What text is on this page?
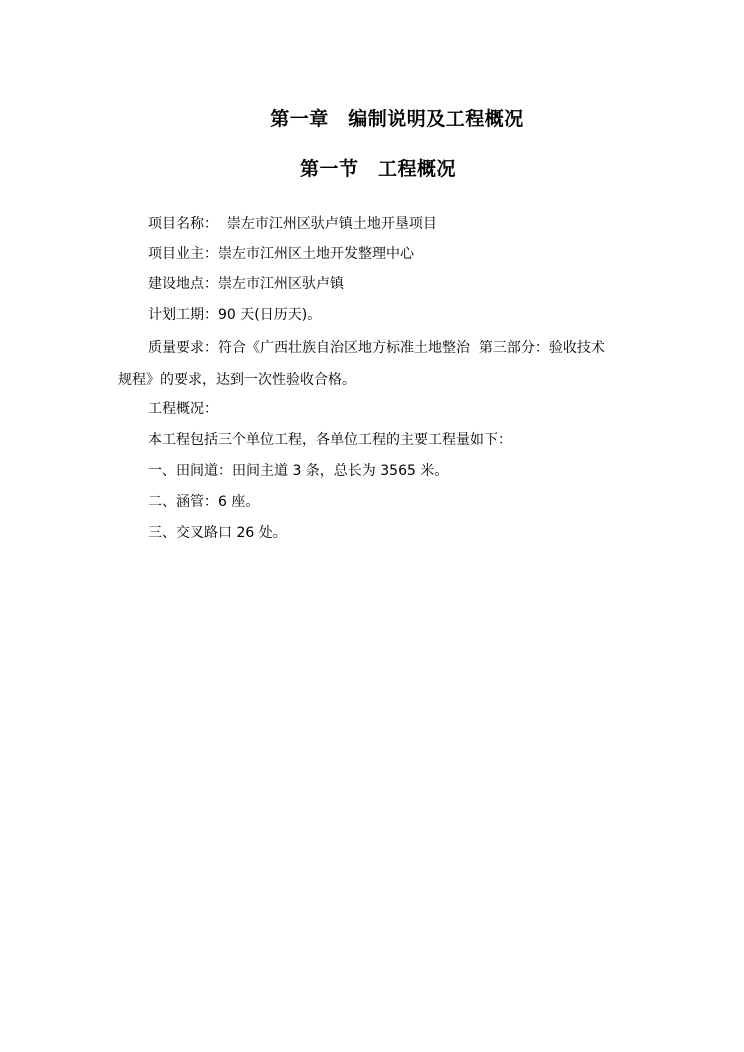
第一章　编制说明及工程概况
第一节　工程概况
项目名称：  崇左市江州区驮卢镇土地开垦项目
项目业主：崇左市江州区土地开发整理中心
建设地点：崇左市江州区驮卢镇
计划工期：90 天(日历天)。
质量要求：符合《广西壮族自治区地方标准土地整治  第三部分：验收技术
规程》的要求，达到一次性验收合格。
工程概况：
本工程包括三个单位工程，各单位工程的主要工程量如下：
一、田间道：田间主道 3 条，总长为 3565 米。
二、涵管：6 座。
三、交叉路口 26 处。
